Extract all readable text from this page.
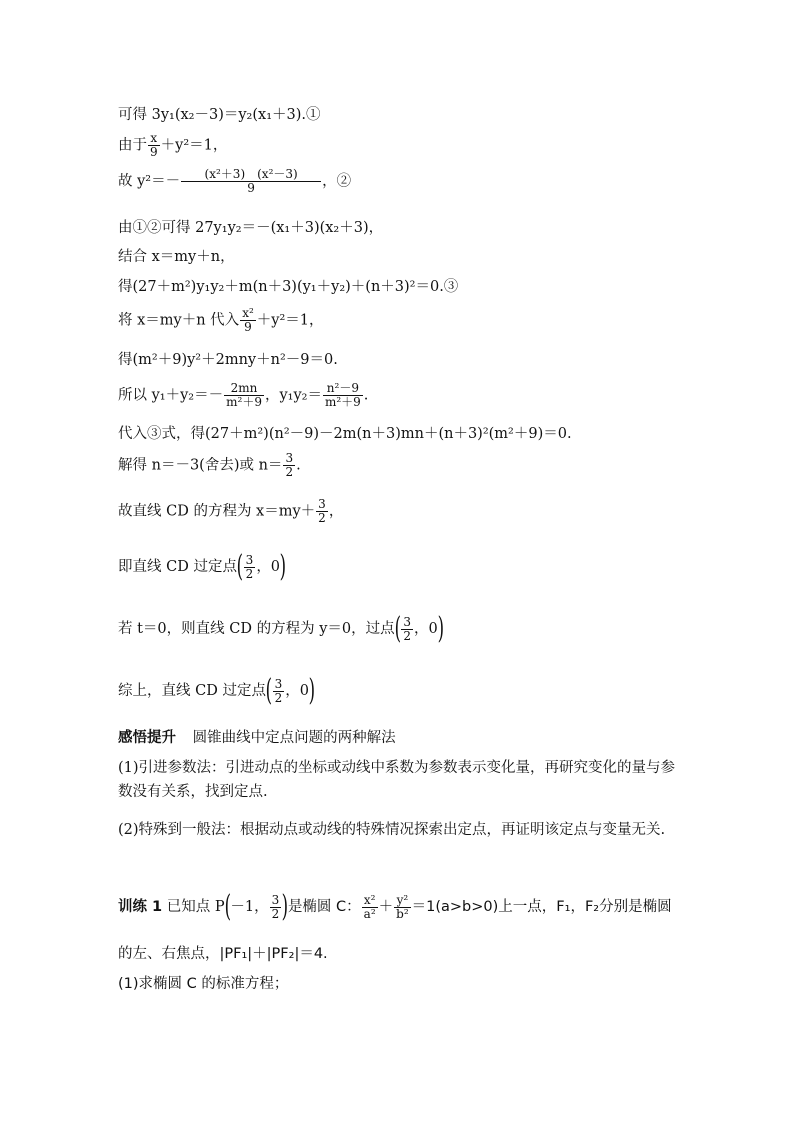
可得 3y₁(x₂－3)＝y₂(x₁＋3).①
由于 $\frac{x}{9} +y^2=1$，
故 $y^2=- \frac{\text{(x²＋3)　(x²－3)}}{9}$ ，②
由①②可得 27y₁y₂＝－(x₁＋3)(x₂＋3)，
结合 x＝my＋n，
得(27＋m²)y₁y₂＋m(n＋3)(y₁＋y₂)＋(n＋3)²＝0.③
将 x＝my＋n 代入 $\frac{\text{x²}}{9} +y^2=1$，
得(m²＋9)y²＋2mny＋n²－9＝0.
所以 $y_1+y_2=- \frac{2mn}{\text{m²＋9}}$ ，$y_1y_2= \frac{\text{n²－9}}{\text{m²＋9}}$ .
代入③式，得(27＋m²)(n²－9)－2m(n＋3)mn＋(n＋3)²(m²＋9)＝0.
解得 n＝－3(舍去)或 $n= \frac{3}{2}$ .
故直线 CD 的方程为 $x=my+ \frac{3}{2}$ ，
即直线 CD 过定点( $\frac{3}{2}$ ，0)
若 t＝0，则直线 CD 的方程为 y＝0，过点( $\frac{3}{2}$ ，0)
综上，直线 CD 过定点( $\frac{3}{2}$ ，0)
感悟提升 圆锥曲线中定点问题的两种解法
(1)引进参数法：引进动点的坐标或动线中系数为参数表示变化量，再研究变化的量与参数没有关系，找到定点.
(2)特殊到一般法：根据动点或动线的特殊情况探索出定点，再证明该定点与变量无关.
训练 1 已知点 P(－1， $\frac{3}{2}$ )是椭圆 C： $\frac{\text{x²}}{\text{a²}} + \frac{\text{y²}}{\text{b²}} =1(a>b>0)$上一点，F₁，F₂分别是椭圆
的左、右焦点，|PF₁|＋|PF₂|＝4.
(1)求椭圆 C 的标准方程；
